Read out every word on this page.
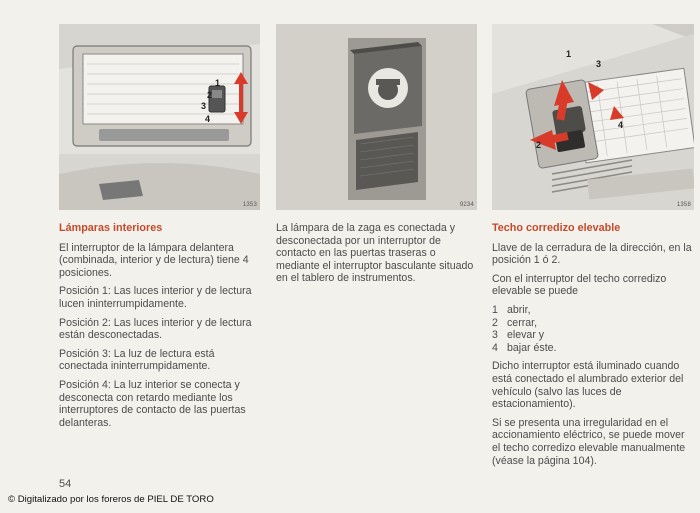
1
2
3
4
1353	9234
1
2
3
4
1358
Lámparas interiores

El interruptor de la lámpara delantera (combinada, interior y de lectura) tiene 4 posiciones.

Posición 1: Las luces interior y de lectura lucen ininterrumpidamente.

Posición 2: Las luces interior y de lectura están desconectadas.

Posición 3: La luz de lectura está conectada ininterrumpidamente.

Posición 4: La luz interior se conecta y desconecta con retardo mediante los interruptores de contacto de las puertas delanteras.

La lámpara de la zaga es conectada y desconectada por un interruptor de contacto en las puertas traseras o mediante el interruptor basculante situado en el tablero de instrumentos.

Techo corredizo elevable

Llave de la cerradura de la dirección, en la posición 1 ó 2.

Con el interruptor del techo corredizo elevable se puede

1 abrir,
2 cerrar,
3 elevar y
4 bajar éste.

Dicho interruptor está iluminado cuando está conectado el alumbrado exterior del vehículo (salvo las luces de estacionamiento).

Si se presenta una irregularidad en el accionamiento eléctrico, se puede mover el techo corredizo elevable manualmente (véase la página 104).

54
© Digitalizado por los foreros de PIEL DE TORO
